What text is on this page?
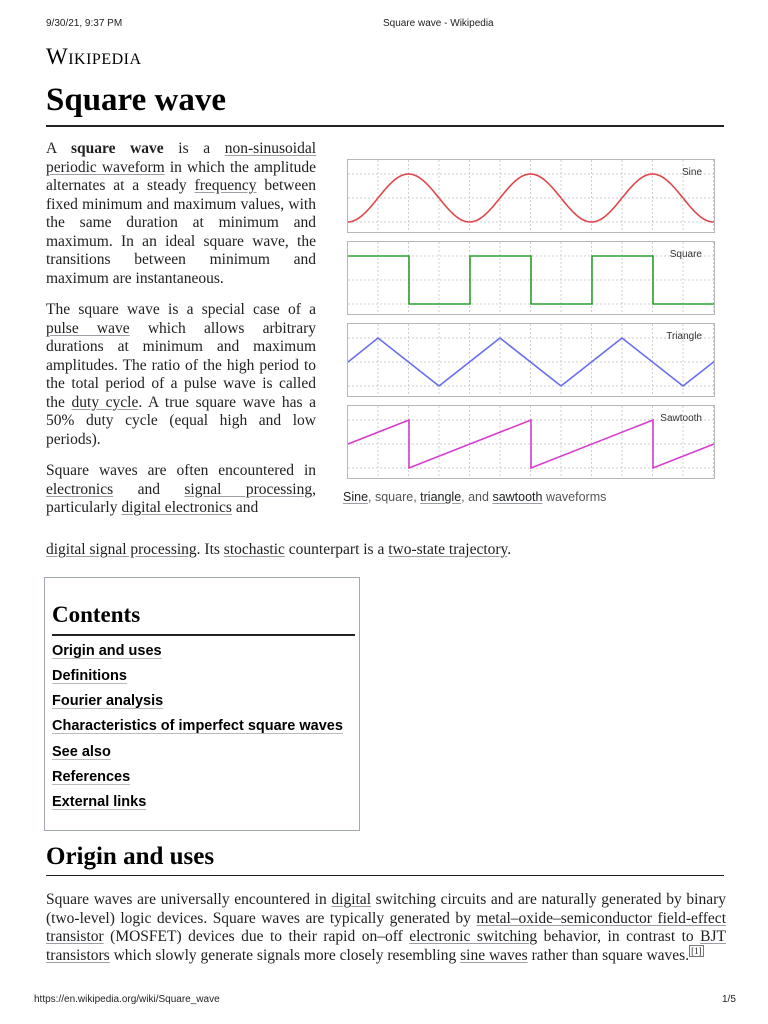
9/30/21, 9:37 PM	Square wave - Wikipedia
Wikipedia
Square wave

A square wave is a non-sinusoidal periodic waveform in which the amplitude alternates at a steady frequency between fixed minimum and maximum values, with the same duration at minimum and maximum. In an ideal square wave, the transitions between minimum and maximum are instantaneous.

The square wave is a special case of a pulse wave which allows arbitrary durations at minimum and maximum amplitudes. The ratio of the high period to the total period of a pulse wave is called the duty cycle. A true square wave has a 50% duty cycle (equal high and low periods).

Square waves are often encountered in electronics and signal processing, particularly digital electronics and

digital signal processing. Its stochastic counterpart is a two-state trajectory.
Sine
Square
Triangle
Sawtooth
Sine, square, triangle, and sawtooth waveforms
Contents
Origin and uses
Definitions
Fourier analysis
Characteristics of imperfect square waves
See also
References
External links
Origin and uses

Square waves are universally encountered in digital switching circuits and are naturally generated by binary (two-level) logic devices. Square waves are typically generated by metal–oxide–semiconductor field-effect transistor (MOSFET) devices due to their rapid on–off electronic switching behavior, in contrast to BJT transistors which slowly generate signals more closely resembling sine waves rather than square waves. [1]

https://en.wikipedia.org/wiki/Square_wave	1/5
